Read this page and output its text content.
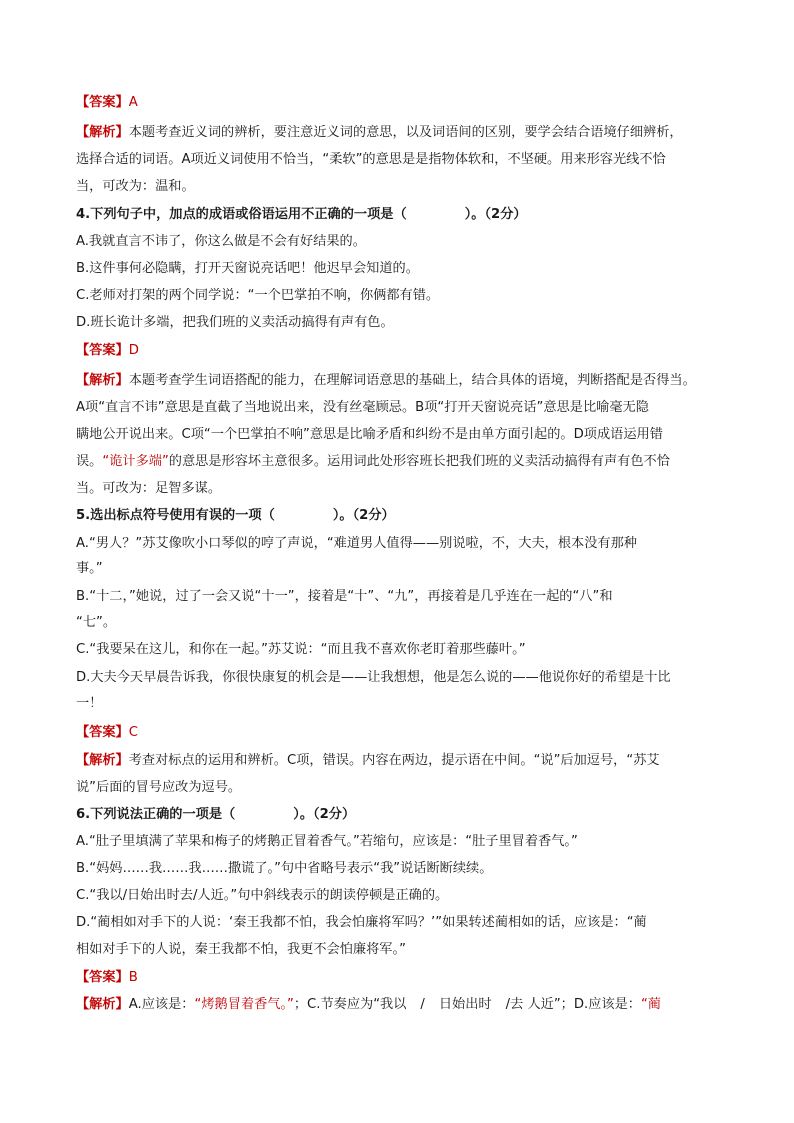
【答案】A
【解析】本题考查近义词的辨析，要注意近义词的意思，以及词语间的区别，要学会结合语境仔细辨析，
选择合适的词语。A项近义词使用不恰当，“柔软”的意思是是指物体软和，不坚硬。用来形容光线不恰
当，可改为：温和。
4.下列句子中，加点的成语或俗语运用不正确的一项是（	）。（2分）
A.我就直言不讳了，你这么做是不会有好结果的。
B.这件事何必隐瞒，打开天窗说亮话吧！他迟早会知道的。
C.老师对打架的两个同学说：“一个巴掌拍不响，你俩都有错。
D.班长诡计多端，把我们班的义卖活动搞得有声有色。
【答案】D
【解析】本题考查学生词语搭配的能力，在理解词语意思的基础上，结合具体的语境，判断搭配是否得当。
A项“直言不讳”意思是直截了当地说出来，没有丝毫顾忌。B项“打开天窗说亮话”意思是比喻毫无隐
瞒地公开说出来。C项“一个巴掌拍不响”意思是比喻矛盾和纠纷不是由单方面引起的。D项成语运用错
误。“诡计多端”的意思是形容坏主意很多。运用词此处形容班长把我们班的义卖活动搞得有声有色不恰
当。可改为：足智多谋。
5.选出标点符号使用有误的一项（	）。（2分）
A.“男人？”苏艾像吹小口琴似的哼了声说，“难道男人值得——别说啦，不，大夫，根本没有那种
事。”
B.“十二，”她说，过了一会又说“十一”，接着是“十”、“九”，再接着是几乎连在一起的“八”和
“七”。
C.“我要呆在这儿，和你在一起。”苏艾说：“而且我不喜欢你老盯着那些藤叶。”
D.大夫今天早晨告诉我，你很快康复的机会是——让我想想，他是怎么说的——他说你好的希望是十比
一！
【答案】C
【解析】考查对标点的运用和辨析。C项，错误。内容在两边，提示语在中间。“说”后加逗号，“苏艾
说”后面的冒号应改为逗号。
6.下列说法正确的一项是（	）。（2分）
A.“肚子里填满了苹果和梅子的烤鹅正冒着香气。”若缩句，应该是：“肚子里冒着香气。”
B.“妈妈……我……我……撒谎了。”句中省略号表示“我”说话断断续续。
C.“我以/日始出时去/人近。”句中斜线表示的朗读停顿是正确的。
D.“蔺相如对手下的人说：‘秦王我都不怕，我会怕廉将军吗？’”如果转述蔺相如的话，应该是：“蔺
相如对手下的人说，秦王我都不怕，我更不会怕廉将军。”
【答案】B
【解析】A.应该是：“烤鹅冒着香气。”；C.节奏应为“我以 / 日始出时 /去 人近”；D.应该是：“蔺
